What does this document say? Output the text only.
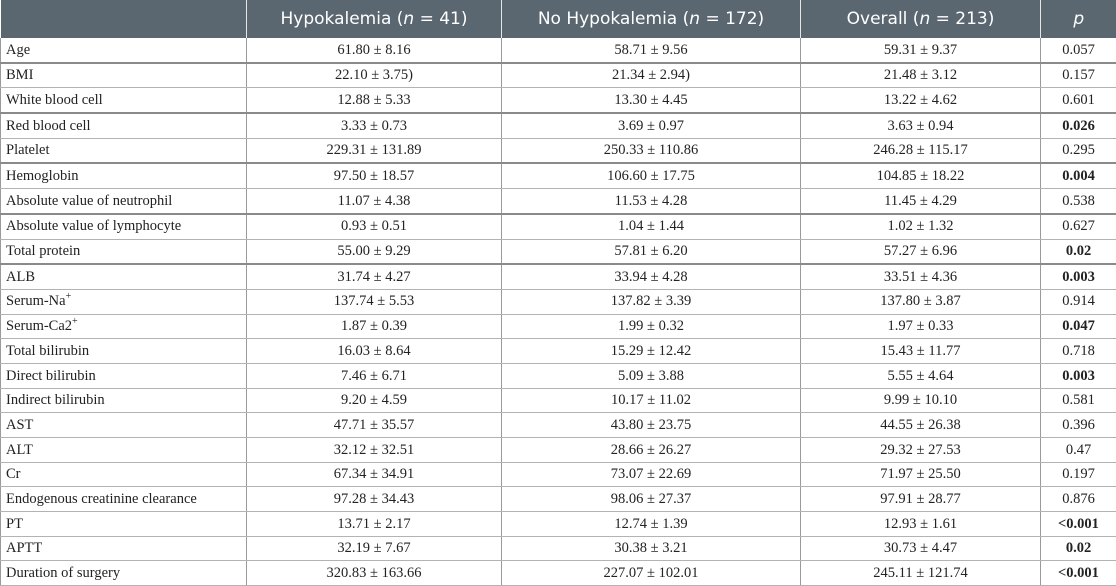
	Hypokalemia (n = 41)	No Hypokalemia (n = 172)	Overall (n = 213)	p
Age	61.80 ± 8.16	58.71 ± 9.56	59.31 ± 9.37	0.057
BMI	22.10 ± 3.75)	21.34 ± 2.94)	21.48 ± 3.12	0.157
White blood cell	12.88 ± 5.33	13.30 ± 4.45	13.22 ± 4.62	0.601
Red blood cell	3.33 ± 0.73	3.69 ± 0.97	3.63 ± 0.94	0.026
Platelet	229.31 ± 131.89	250.33 ± 110.86	246.28 ± 115.17	0.295
Hemoglobin	97.50 ± 18.57	106.60 ± 17.75	104.85 ± 18.22	0.004
Absolute value of neutrophil	11.07 ± 4.38	11.53 ± 4.28	11.45 ± 4.29	0.538
Absolute value of lymphocyte	0.93 ± 0.51	1.04 ± 1.44	1.02 ± 1.32	0.627
Total protein	55.00 ± 9.29	57.81 ± 6.20	57.27 ± 6.96	0.02
ALB	31.74 ± 4.27	33.94 ± 4.28	33.51 ± 4.36	0.003
Serum-Na+	137.74 ± 5.53	137.82 ± 3.39	137.80 ± 3.87	0.914
Serum-Ca2+	1.87 ± 0.39	1.99 ± 0.32	1.97 ± 0.33	0.047
Total bilirubin	16.03 ± 8.64	15.29 ± 12.42	15.43 ± 11.77	0.718
Direct bilirubin	7.46 ± 6.71	5.09 ± 3.88	5.55 ± 4.64	0.003
Indirect bilirubin	9.20 ± 4.59	10.17 ± 11.02	9.99 ± 10.10	0.581
AST	47.71 ± 35.57	43.80 ± 23.75	44.55 ± 26.38	0.396
ALT	32.12 ± 32.51	28.66 ± 26.27	29.32 ± 27.53	0.47
Cr	67.34 ± 34.91	73.07 ± 22.69	71.97 ± 25.50	0.197
Endogenous creatinine clearance	97.28 ± 34.43	98.06 ± 27.37	97.91 ± 28.77	0.876
PT	13.71 ± 2.17	12.74 ± 1.39	12.93 ± 1.61	<0.001
APTT	32.19 ± 7.67	30.38 ± 3.21	30.73 ± 4.47	0.02
Duration of surgery	320.83 ± 163.66	227.07 ± 102.01	245.11 ± 121.74	<0.001
